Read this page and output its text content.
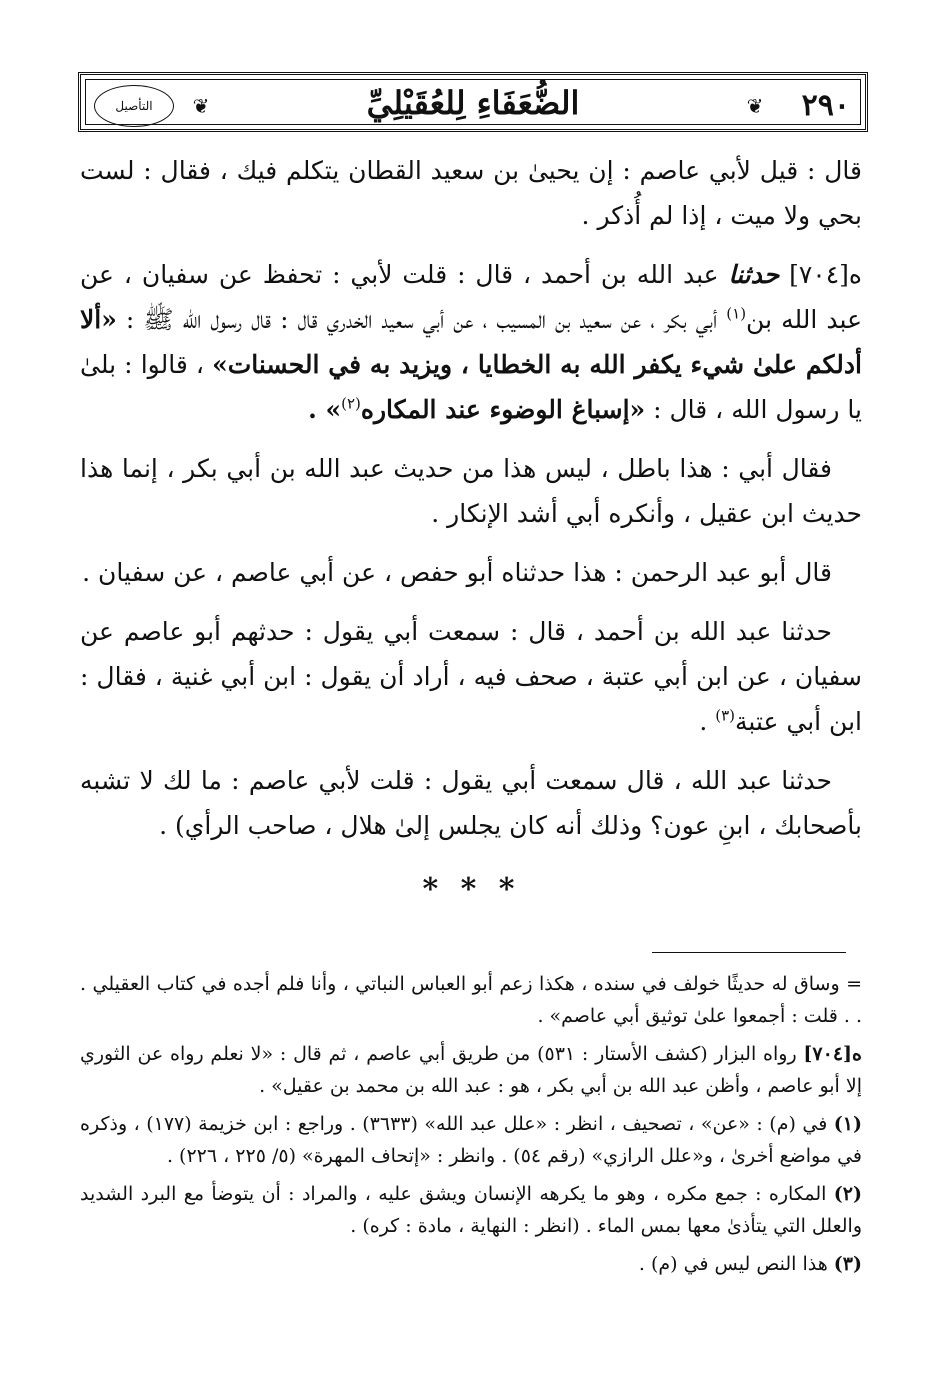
٢٩٠
❦
الضُّعَفَاءِ لِلعُقَيْلِيِّ
❦
التأصيل

قال : قيل لأبي عاصم : إن يحيىٰ بن سعيد القطان يتكلم فيك ، فقال : لست بحي ولا ميت ، إذا لم أُذكر .

ه[٧٠٤] حدثنا عبد الله بن أحمد ، قال : قلت لأبي : تحفظ عن سفيان ، عن عبد الله بن$^{(١)}$ أبي بكر ، عن سعيد بن المسيب ، عن أبي سعيد الخدري قال : قال رسول الله ﷺ : «ألا أدلكم علىٰ شيء يكفر الله به الخطايا ، ويزيد به في الحسنات» ، قالوا : بلىٰ يا رسول الله ، قال : «إسباغ الوضوء عند المكاره$^{(٢)}$» .

فقال أبي : هذا باطل ، ليس هذا من حديث عبد الله بن أبي بكر ، إنما هذا حديث ابن عقيل ، وأنكره أبي أشد الإنكار .

قال أبو عبد الرحمن : هذا حدثناه أبو حفص ، عن أبي عاصم ، عن سفيان .

حدثنا عبد الله بن أحمد ، قال : سمعت أبي يقول : حدثهم أبو عاصم عن سفيان ، عن ابن أبي عتبة ، صحف فيه ، أراد أن يقول : ابن أبي غنية ، فقال : ابن أبي عتبة$^{(٣)}$ .

حدثنا عبد الله ، قال سمعت أبي يقول : قلت لأبي عاصم : ما لك لا تشبه بأصحابك ، ابنِ عون؟ وذلك أنه كان يجلس إلىٰ هلال ، صاحب الرأي) .

* * *

= وساق له حديثًا خولف في سنده ، هكذا زعم أبو العباس النباتي ، وأنا فلم أجده في كتاب العقيلي . . . قلت : أجمعوا علىٰ توثيق أبي عاصم» .

ه[٧٠٤] رواه البزار (كشف الأستار : ٥٣١) من طريق أبي عاصم ، ثم قال : «لا نعلم رواه عن الثوري إلا أبو عاصم ، وأظن عبد الله بن أبي بكر ، هو : عبد الله بن محمد بن عقيل» .

(١) في (م) : «عن» ، تصحيف ، انظر : «علل عبد الله» (٣٦٣٣) . وراجع : ابن خزيمة (١٧٧) ، وذكره في مواضع أخرىٰ ، و«علل الرازي» (رقم ٥٤) . وانظر : «إتحاف المهرة» (٥/ ٢٢٥ ، ٢٢٦) .

(٢) المكاره : جمع مكره ، وهو ما يكرهه الإنسان ويشق عليه ، والمراد : أن يتوضأ مع البرد الشديد والعلل التي يتأذىٰ معها بمس الماء . (انظر : النهاية ، مادة : كره) .

(٣) هذا النص ليس في (م) .
